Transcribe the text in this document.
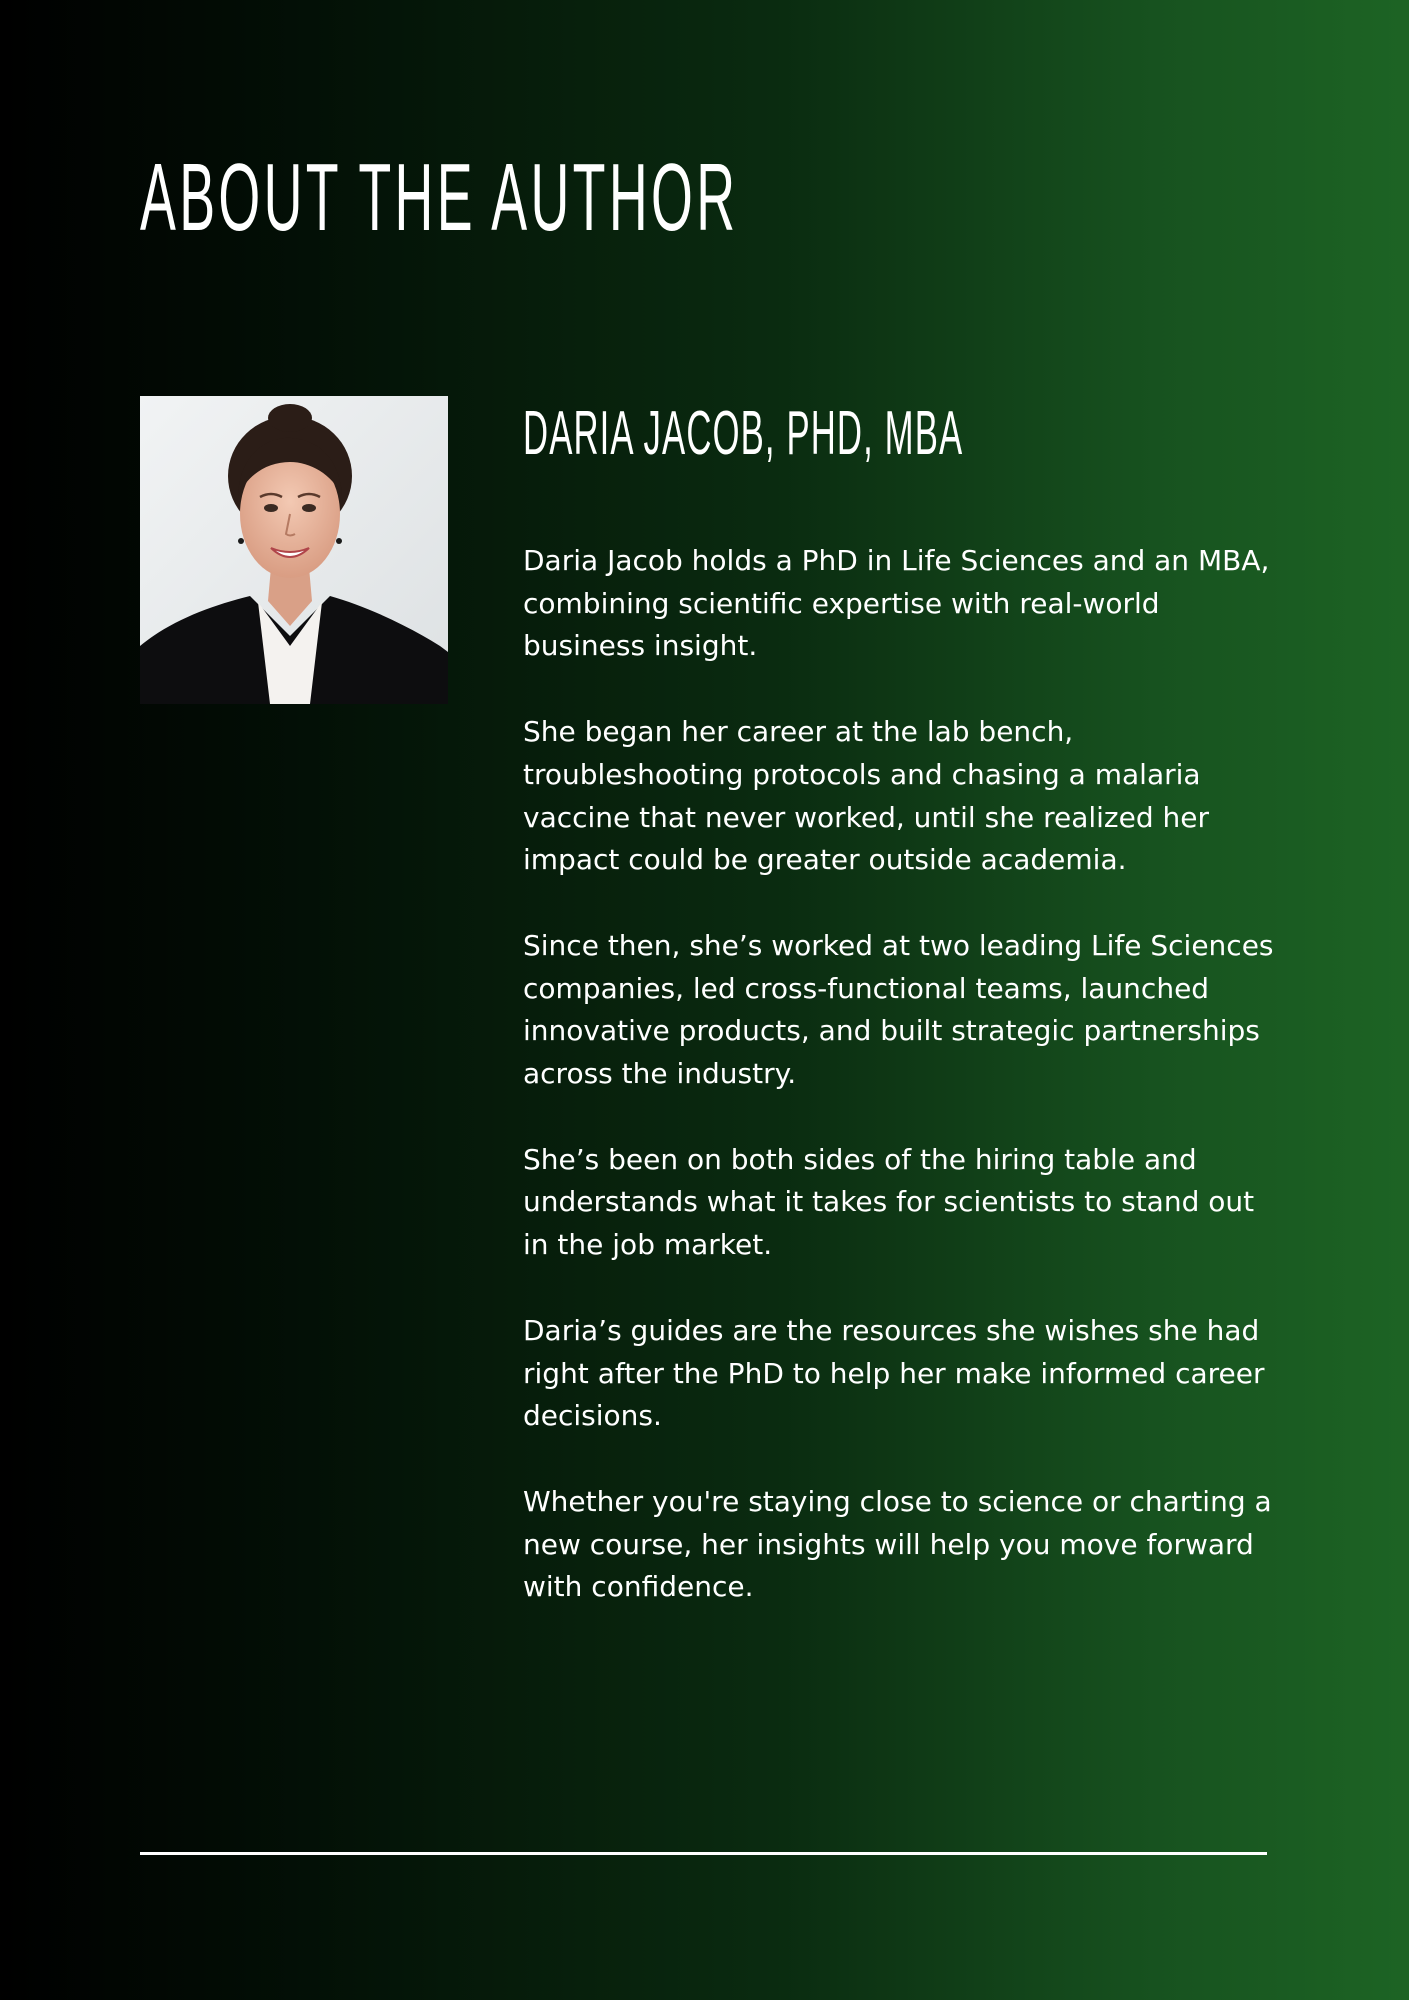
ABOUT THE AUTHOR
DARIA JACOB, PHD, MBA

Daria Jacob holds a PhD in Life Sciences and an MBA, combining scientific expertise with real-world business insight.

She began her career at the lab bench, troubleshooting protocols and chasing a malaria vaccine that never worked, until she realized her impact could be greater outside academia.

Since then, she’s worked at two leading Life Sciences companies, led cross-functional teams, launched innovative products, and built strategic partnerships across the industry.

She’s been on both sides of the hiring table and understands what it takes for scientists to stand out in the job market.

Daria’s guides are the resources she wishes she had right after the PhD to help her make informed career decisions.

Whether you're staying close to science or charting a new course, her insights will help you move forward with confidence.
